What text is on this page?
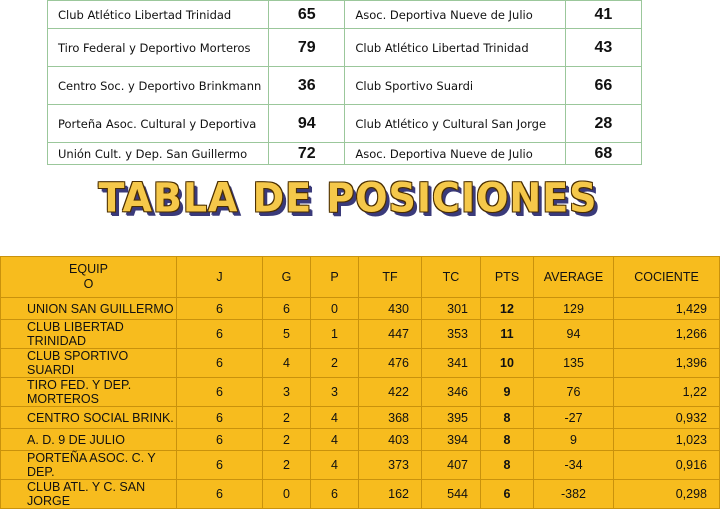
Club Atlético Libertad Trinidad	65	Asoc. Deportiva Nueve de Julio	41
Tiro Federal y Deportivo Morteros	79	Club Atlético Libertad Trinidad	43
Centro Soc. y Deportivo Brinkmann	36	Club Sportivo Suardi	66
Porteña Asoc. Cultural y Deportiva	94	Club Atlético y Cultural San Jorge	28
Unión Cult. y Dep. San Guillermo	72	Asoc. Deportiva Nueve de Julio	68
TABLA DE POSICIONES
EQUIP
O	J	G	P	TF	TC	PTS	AVERAGE	COCIENTE
UNION SAN GUILLERMO	6	6	0	430	301	12	129	1,429
CLUB LIBERTAD TRINIDAD	6	5	1	447	353	11	94	1,266
CLUB SPORTIVO SUARDI	6	4	2	476	341	10	135	1,396
TIRO FED. Y DEP. MORTEROS	6	3	3	422	346	9	76	1,22
CENTRO SOCIAL BRINK.	6	2	4	368	395	8	-27	0,932
A. D. 9 DE JULIO	6	2	4	403	394	8	9	1,023
PORTEÑA ASOC. C. Y DEP.	6	2	4	373	407	8	-34	0,916
CLUB ATL. Y C. SAN JORGE	6	0	6	162	544	6	-382	0,298
